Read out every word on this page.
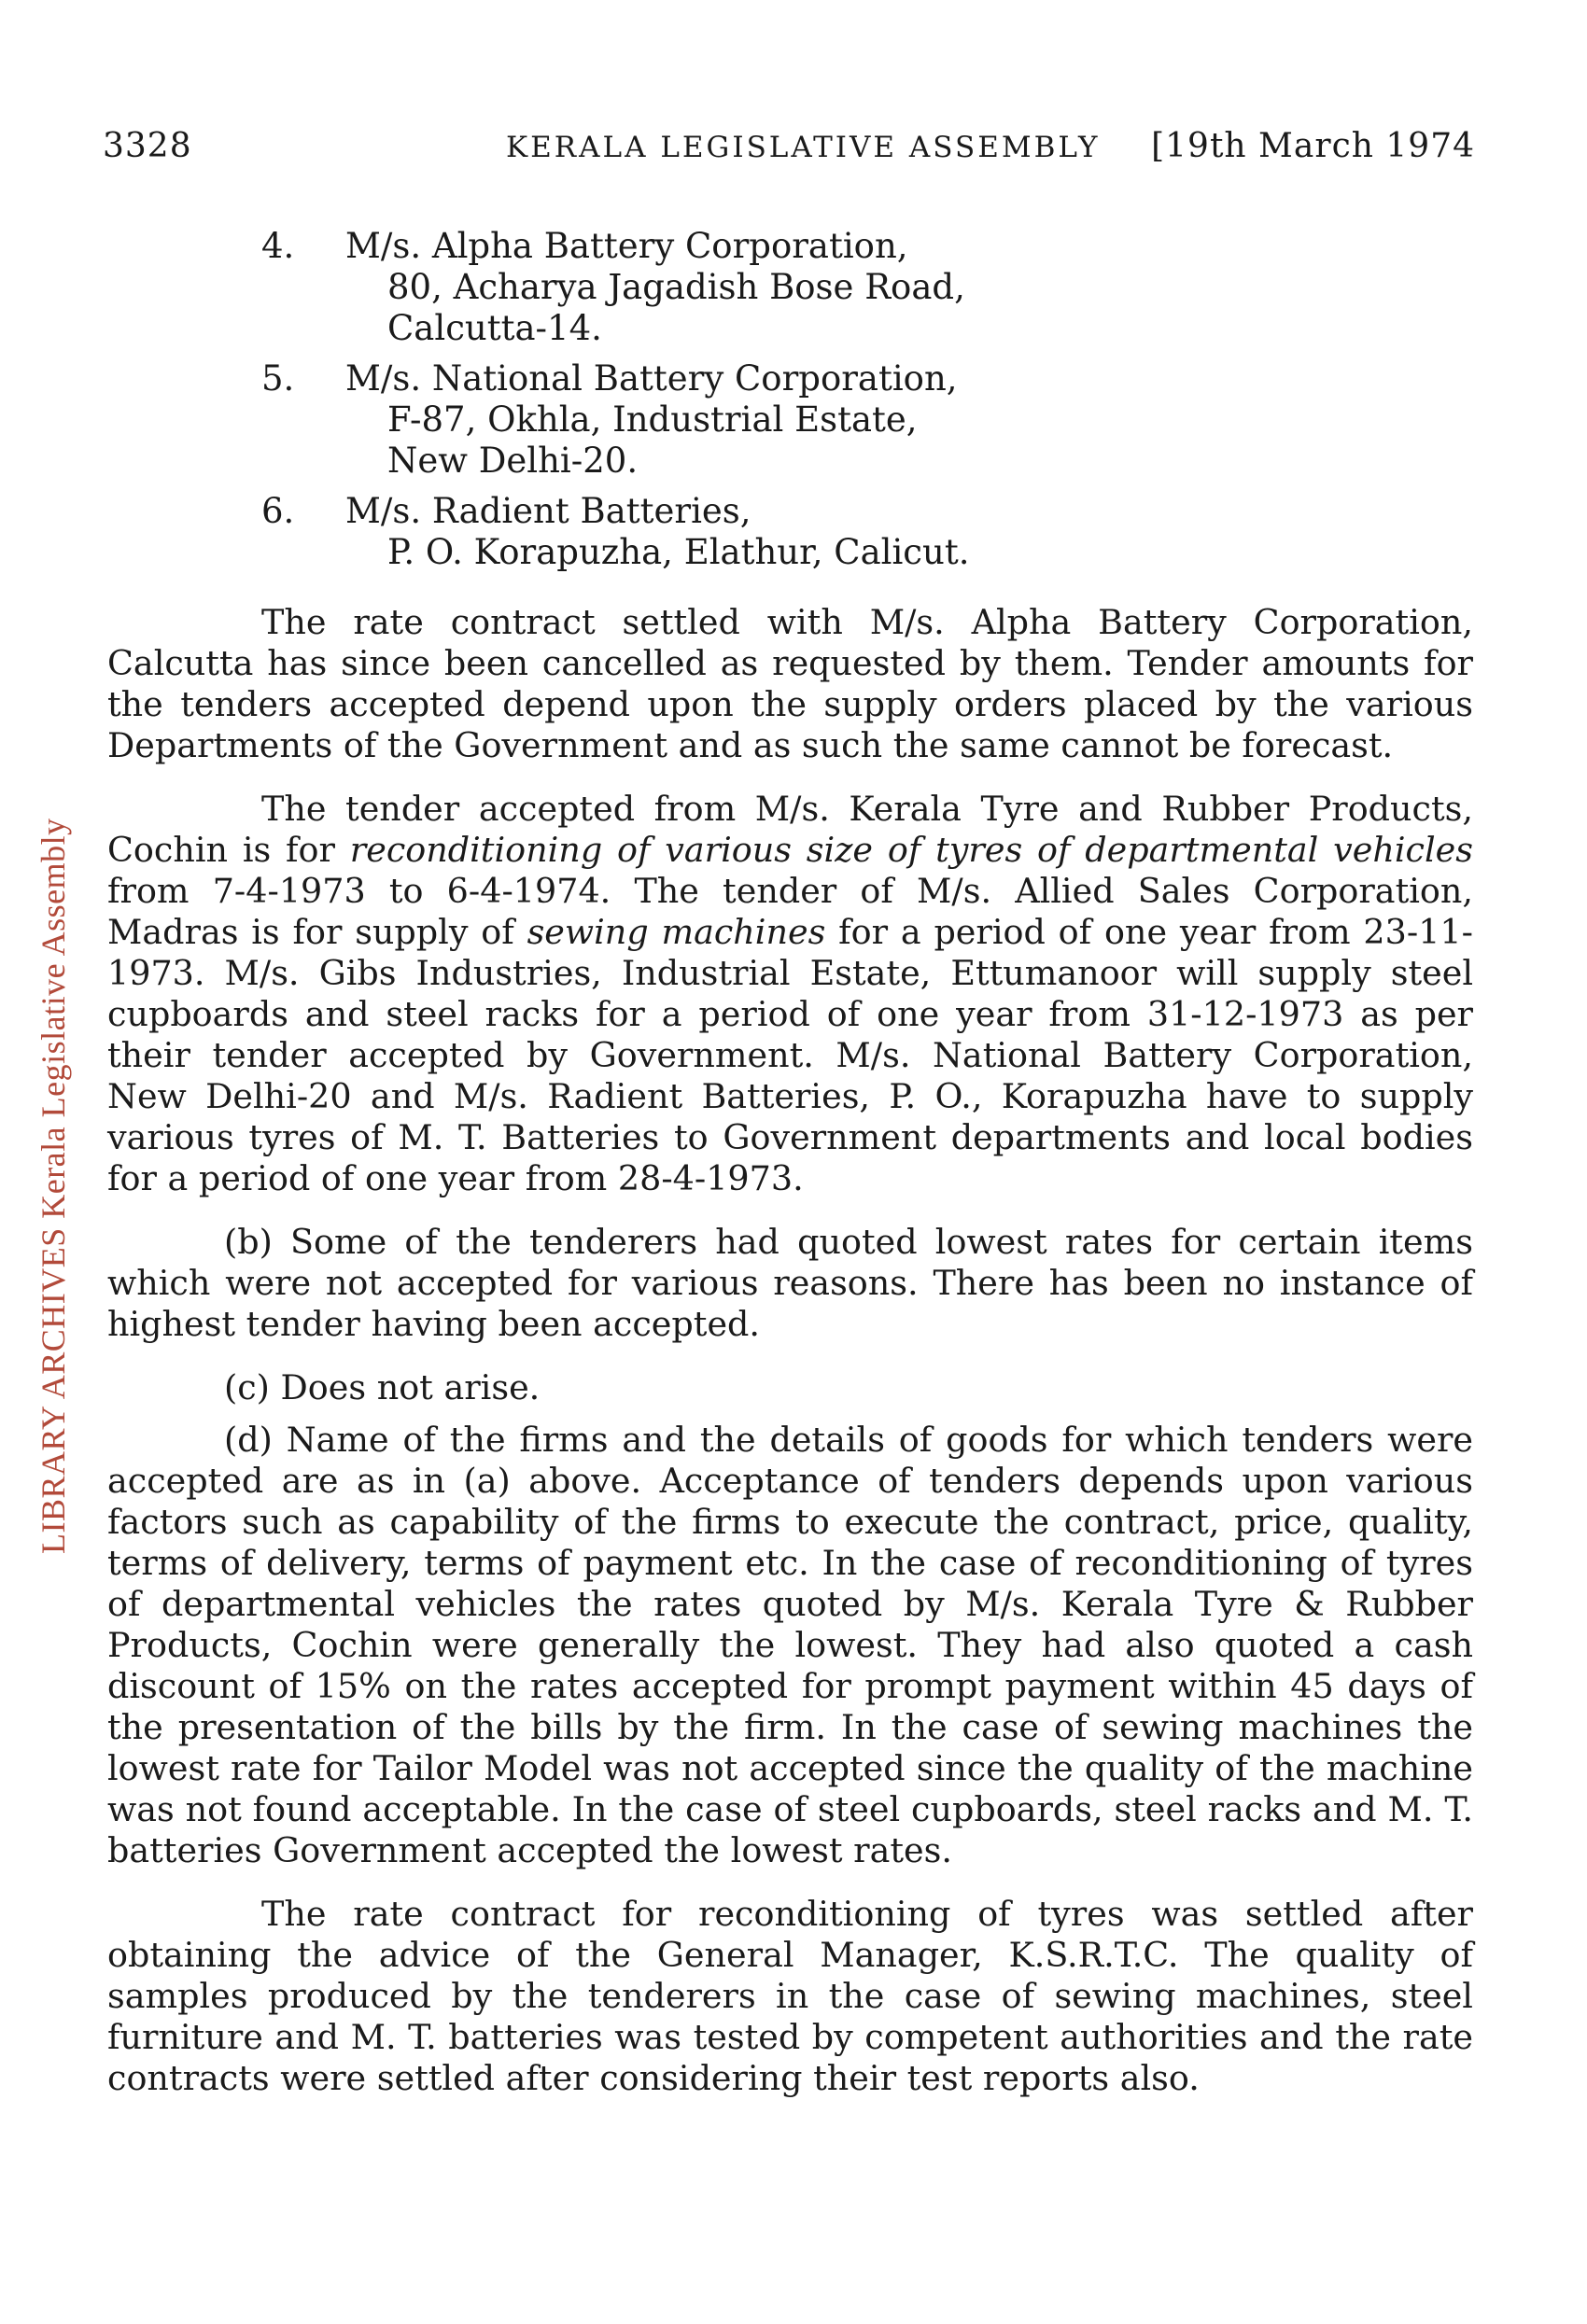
3328	KERALA LEGISLATIVE ASSEMBLY [19th March 1974
LIBRARY ARCHIVES Kerala Legislative Assembly
4.	M/s. Alpha Battery Corporation,
80, Acharya Jagadish Bose Road,
Calcutta-14.
5.	M/s. National Battery Corporation,
F-87, Okhla, Industrial Estate,
New Delhi-20.
6.	M/s. Radient Batteries,
P. O. Korapuzha, Elathur, Calicut.

The rate contract settled with M/s. Alpha Battery Corporation, Calcutta has since been cancelled as requested by them. Tender amounts for the tenders accepted depend upon the supply orders placed by the various Departments of the Government and as such the same cannot be forecast.

The tender accepted from M/s. Kerala Tyre and Rubber Products, Cochin is for reconditioning of various size of tyres of departmental vehicles from 7-4-1973 to 6-4-1974. The tender of M/s. Allied Sales Corporation, Madras is for supply of sewing machines for a period of one year from 23-11-1973. M/s. Gibs Industries, Industrial Estate, Ettumanoor will supply steel cupboards and steel racks for a period of one year from 31-12-1973 as per their tender accepted by Government. M/s. National Battery Corporation, New Delhi-20 and M/s. Radient Batteries, P. O., Korapuzha have to supply various tyres of M. T. Batteries to Government departments and local bodies for a period of one year from 28-4-1973.

(b) Some of the tenderers had quoted lowest rates for certain items which were not accepted for various reasons. There has been no instance of highest tender having been accepted.

(c) Does not arise.

(d) Name of the firms and the details of goods for which tenders were accepted are as in (a) above. Acceptance of tenders depends upon various factors such as capability of the firms to execute the contract, price, quality, terms of delivery, terms of payment etc. In the case of reconditioning of tyres of departmental vehicles the rates quoted by M/s. Kerala Tyre & Rubber Products, Cochin were generally the lowest. They had also quoted a cash discount of 15% on the rates accepted for prompt payment within 45 days of the presentation of the bills by the firm. In the case of sewing machines the lowest rate for Tailor Model was not accepted since the quality of the machine was not found acceptable. In the case of steel cupboards, steel racks and M. T. batteries Government accepted the lowest rates.

The rate contract for reconditioning of tyres was settled after obtaining the advice of the General Manager, K.S.R.T.C. The quality of samples produced by the tenderers in the case of sewing machines, steel furniture and M. T. batteries was tested by competent authorities and the rate contracts were settled after considering their test reports also.
